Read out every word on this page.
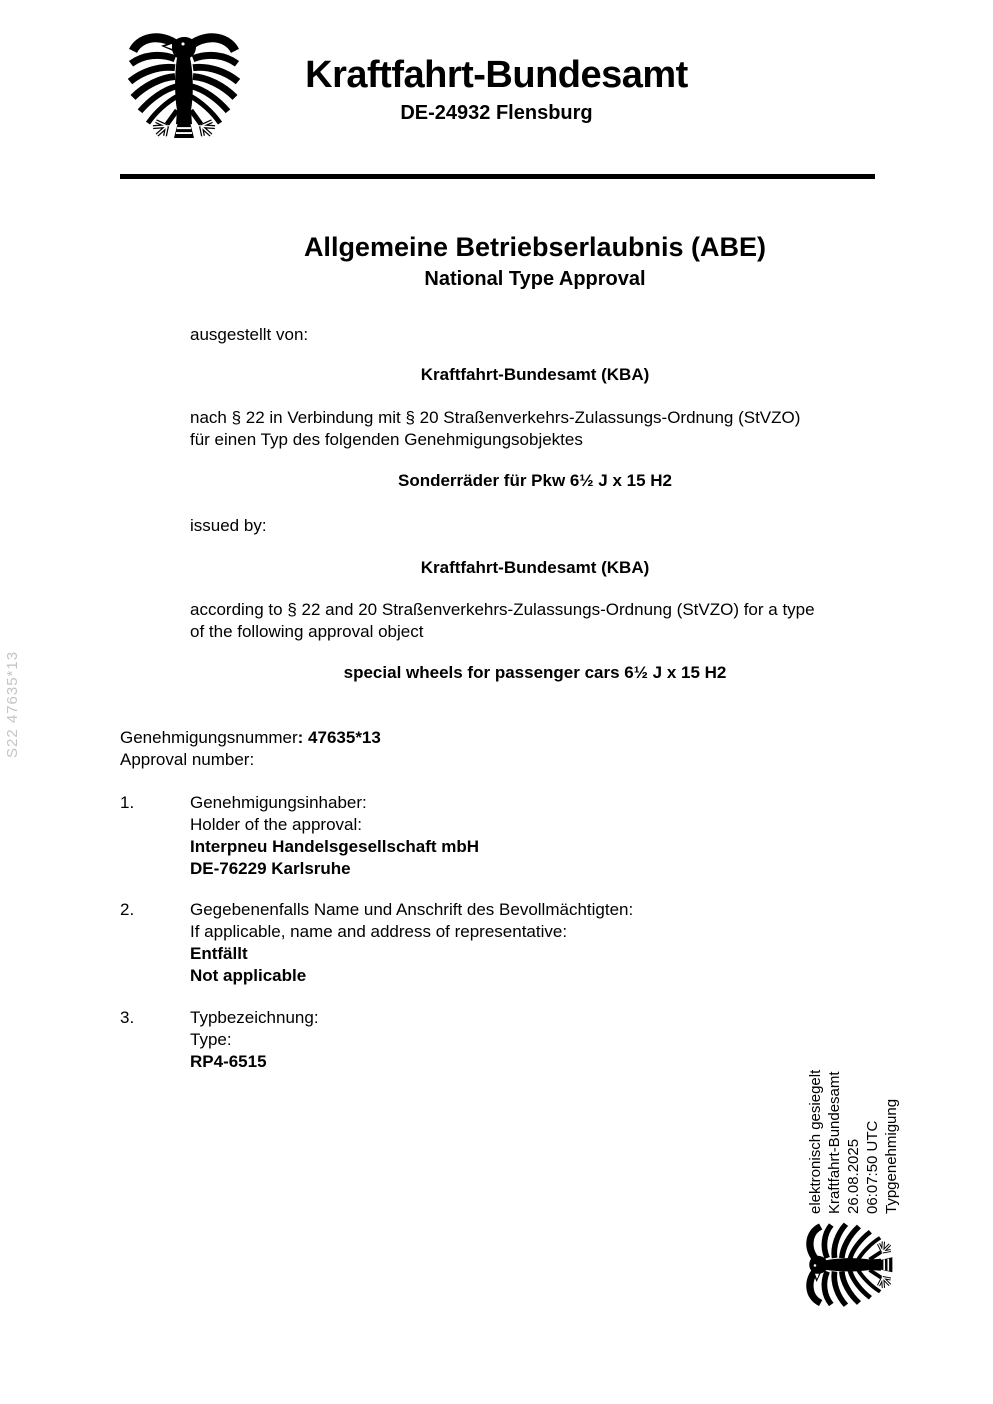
S22 47635*13
Kraftfahrt-Bundesamt
DE-24932 Flensburg
Allgemeine Betriebserlaubnis (ABE)
National Type Approval
ausgestellt von:
Kraftfahrt-Bundesamt (KBA)
nach § 22 in Verbindung mit § 20 Straßenverkehrs-Zulassungs-Ordnung (StVZO)
für einen Typ des folgenden Genehmigungsobjektes
Sonderräder für Pkw 6½ J x 15 H2
issued by:
Kraftfahrt-Bundesamt (KBA)
according to § 22 and 20 Straßenverkehrs-Zulassungs-Ordnung (StVZO) for a type
of the following approval object
special wheels for passenger cars 6½ J x 15 H2
Genehmigungsnummer: 47635*13
Approval number:
1.	Genehmigungsinhaber:
Holder of the approval:
Interpneu Handelsgesellschaft mbH
DE-76229 Karlsruhe
2.	Gegebenenfalls Name und Anschrift des Bevollmächtigten:
If applicable, name and address of representative:
Entfällt
Not applicable
3.	Typbezeichnung:
Type:
RP4-6515
elektronisch gesiegelt Kraftfahrt-Bundesamt 26.08.2025 06:07:50 UTC Typgenehmigung
